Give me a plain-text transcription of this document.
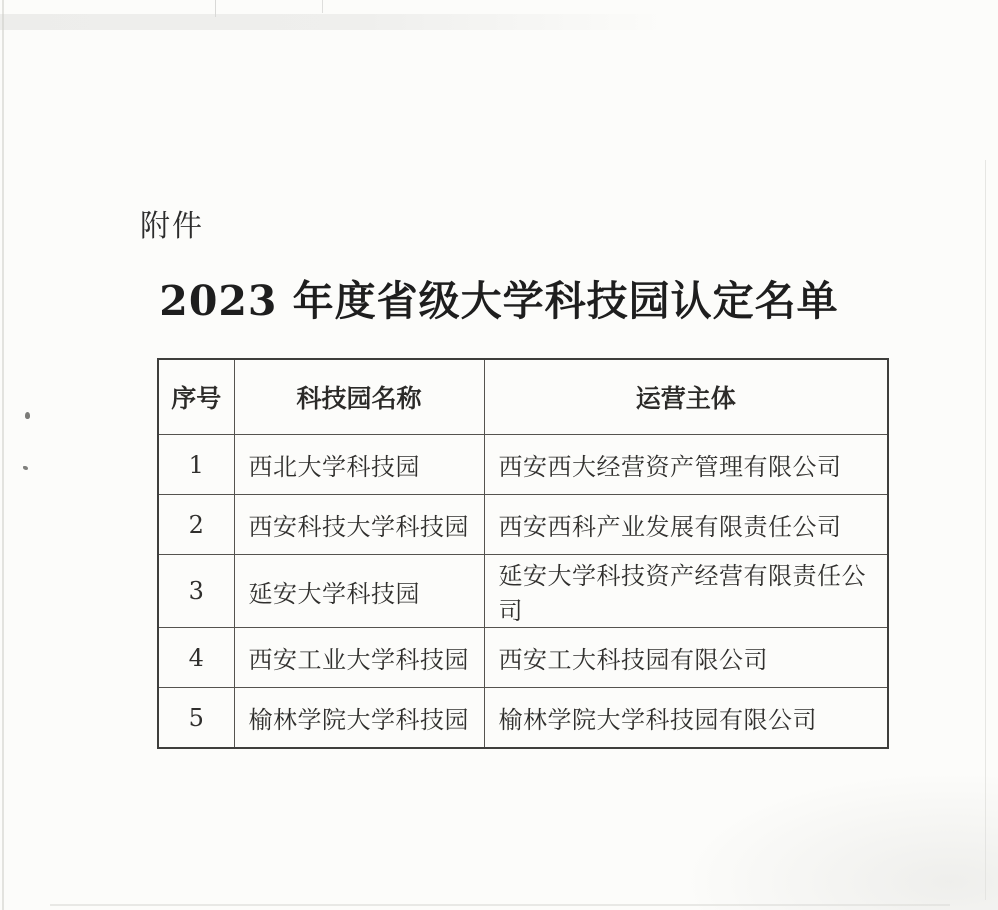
附件
2023 年度省级大学科技园认定名单
序号	科技园名称	运营主体
1	西北大学科技园	西安西大经营资产管理有限公司
2	西安科技大学科技园	西安西科产业发展有限责任公司
3	延安大学科技园	延安大学科技资产经营有限责任公司
4	西安工业大学科技园	西安工大科技园有限公司
5	榆林学院大学科技园	榆林学院大学科技园有限公司
